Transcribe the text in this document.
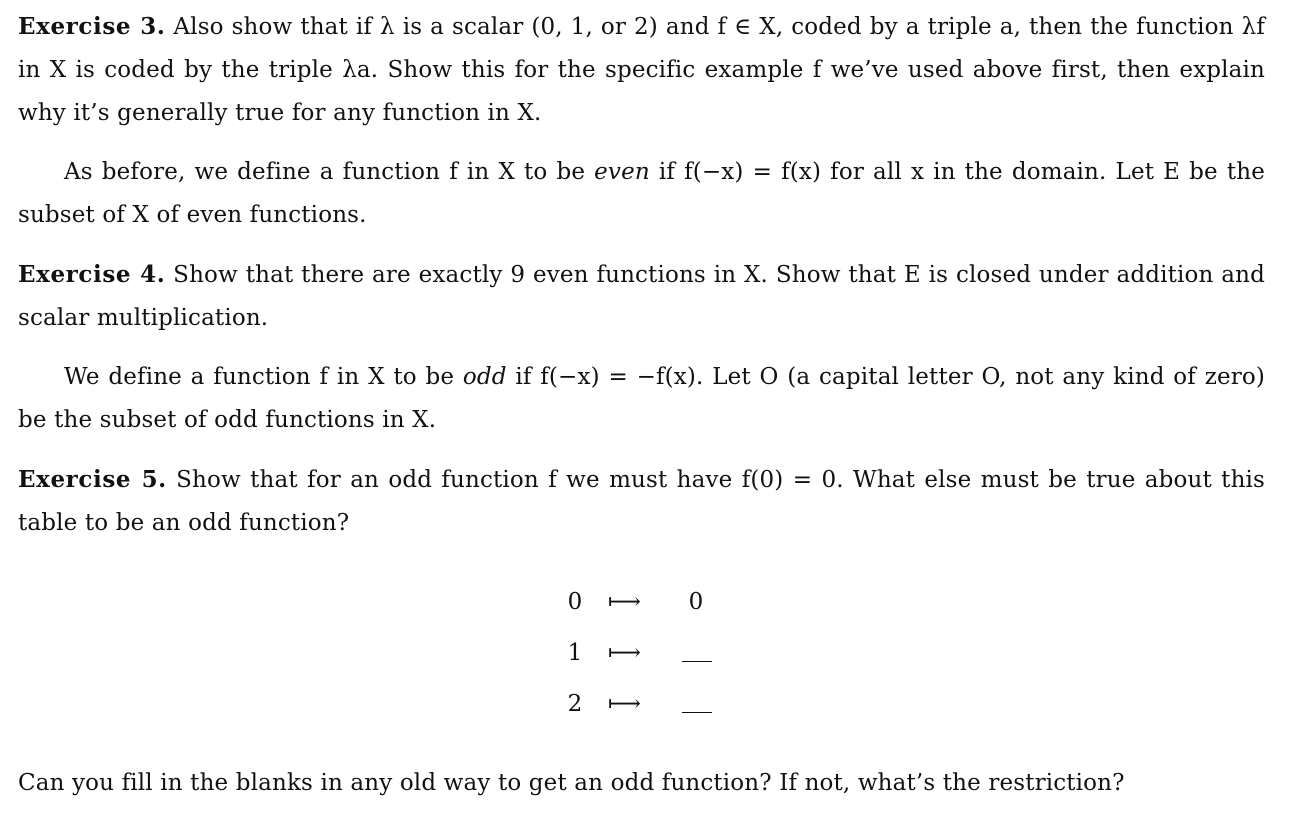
Exercise 3. Also show that if λ is a scalar (0, 1, or 2) and f ∈ X, coded by a triple a, then the function λf in X is coded by the triple λa. Show this for the specific example f we’ve used above first, then explain why it’s generally true for any function in X.

As before, we define a function f in X to be even if f(−x) = f(x) for all x in the domain. Let E be the subset of X of even functions.

Exercise 4. Show that there are exactly 9 even functions in X. Show that E is closed under addition and scalar multiplication.

We define a function f in X to be odd if f(−x) = −f(x). Let O (a capital letter O, not any kind of zero) be the subset of odd functions in X.

Exercise 5. Show that for an odd function f we must have f(0) = 0. What else must be true about this table to be an odd function?

0	⟼	0
1	⟼
2	⟼
Can you fill in the blanks in any old way to get an odd function? If not, what’s the restriction?
